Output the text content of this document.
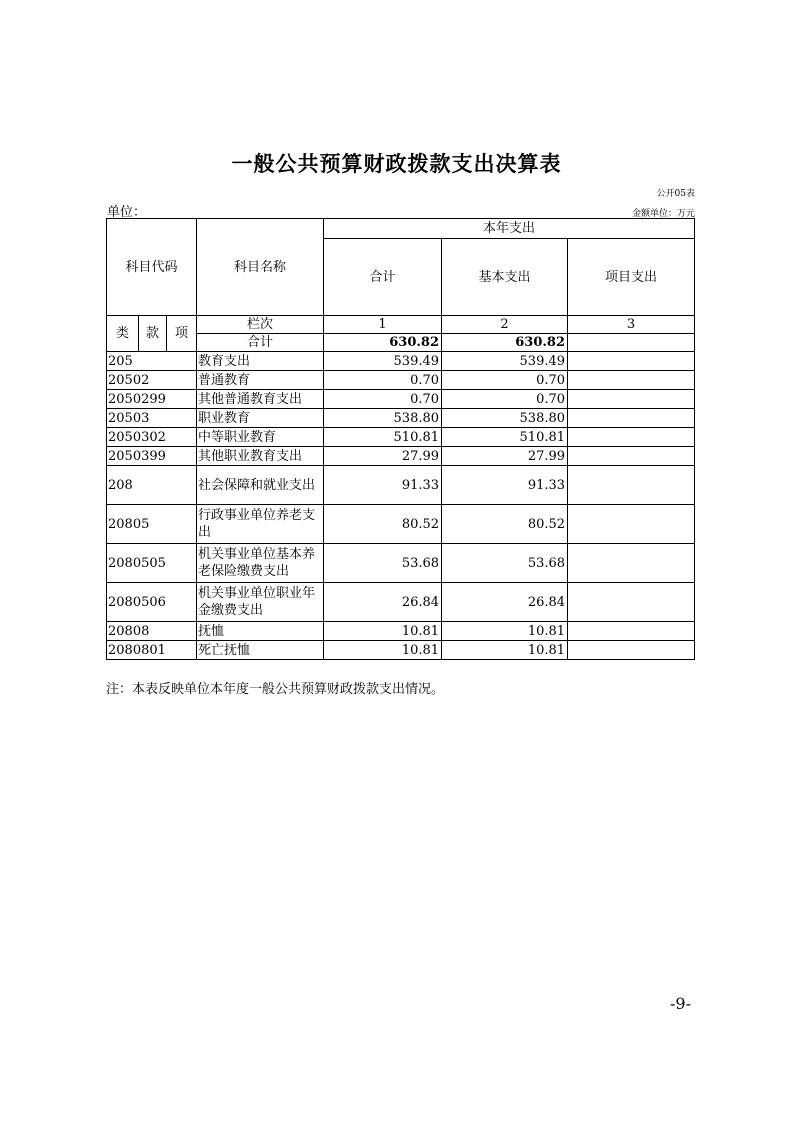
一般公共预算财政拨款支出决算表
公开05表
单位：	金额单位：万元
科目代码			科目名称	本年支出		
				合计	基本支出	项目支出
类	款	项	栏次	1	2	3
			合计	630.82	630.82	
205			教育支出	539.49	539.49	
20502			普通教育	0.70	0.70	
2050299			其他普通教育支出	0.70	0.70	
20503			职业教育	538.80	538.80	
2050302			中等职业教育	510.81	510.81	
2050399			其他职业教育支出	27.99	27.99	
208			社会保障和就业支出	91.33	91.33	
20805			行政事业单位养老支出	80.52	80.52	
2080505			机关事业单位基本养老保险缴费支出	53.68	53.68	
2080506			机关事业单位职业年金缴费支出	26.84	26.84	
20808			抚恤	10.81	10.81	
2080801			死亡抚恤	10.81	10.81	
注：本表反映单位本年度一般公共预算财政拨款支出情况。
-9-
